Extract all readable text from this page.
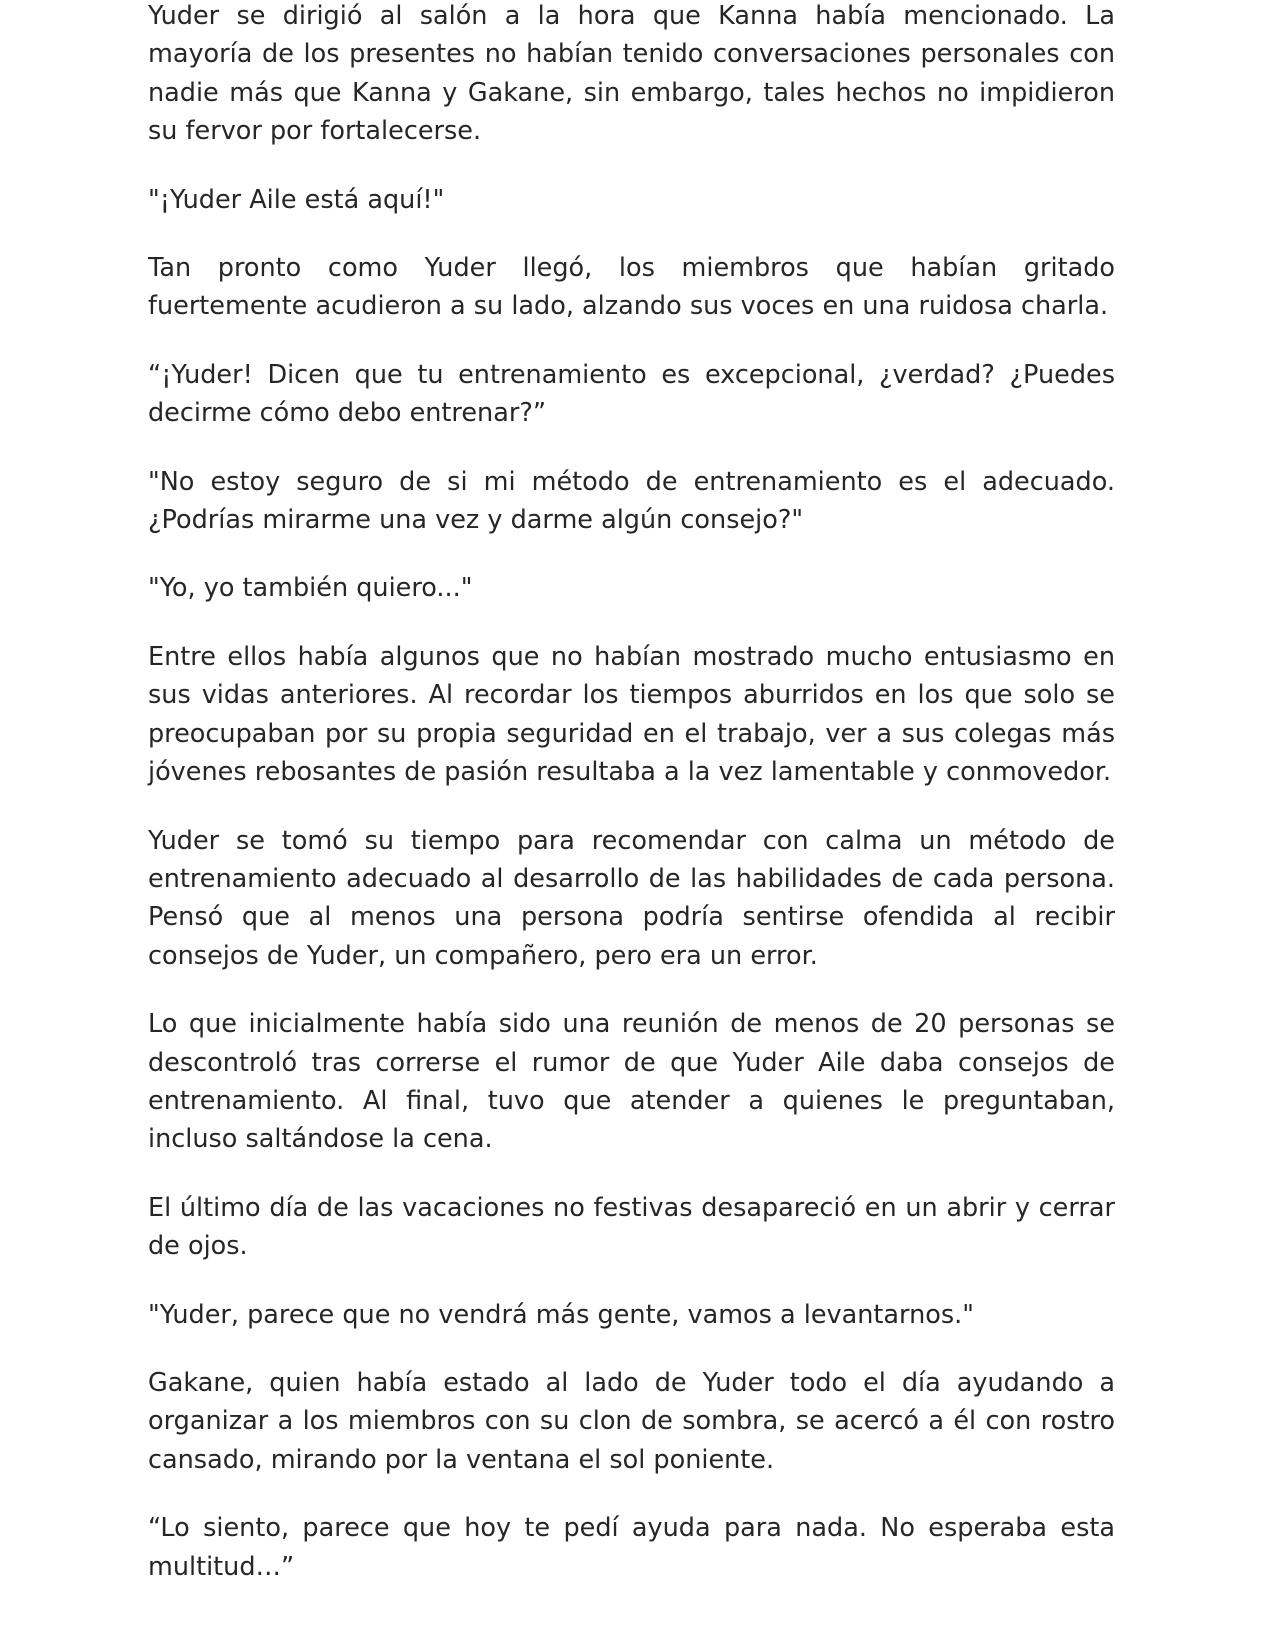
Yuder se dirigió al salón a la hora que Kanna había mencionado. La mayoría de los presentes no habían tenido conversaciones personales con nadie más que Kanna y Gakane, sin embargo, tales hechos no impidieron su fervor por fortalecerse.

"¡Yuder Aile está aquí!"

Tan pronto como Yuder llegó, los miembros que habían gritado fuertemente acudieron a su lado, alzando sus voces en una ruidosa charla.

“¡Yuder! Dicen que tu entrenamiento es excepcional, ¿verdad? ¿Puedes decirme cómo debo entrenar?”

"No estoy seguro de si mi método de entrenamiento es el adecuado. ¿Podrías mirarme una vez y darme algún consejo?"

"Yo, yo también quiero..."

Entre ellos había algunos que no habían mostrado mucho entusiasmo en sus vidas anteriores. Al recordar los tiempos aburridos en los que solo se preocupaban por su propia seguridad en el trabajo, ver a sus colegas más jóvenes rebosantes de pasión resultaba a la vez lamentable y conmovedor.

Yuder se tomó su tiempo para recomendar con calma un método de entrenamiento adecuado al desarrollo de las habilidades de cada persona. Pensó que al menos una persona podría sentirse ofendida al recibir consejos de Yuder, un compañero, pero era un error.

Lo que inicialmente había sido una reunión de menos de 20 personas se descontroló tras correrse el rumor de que Yuder Aile daba consejos de entrenamiento. Al final, tuvo que atender a quienes le preguntaban, incluso saltándose la cena.

El último día de las vacaciones no festivas desapareció en un abrir y cerrar de ojos.

"Yuder, parece que no vendrá más gente, vamos a levantarnos."

Gakane, quien había estado al lado de Yuder todo el día ayudando a organizar a los miembros con su clon de sombra, se acercó a él con rostro cansado, mirando por la ventana el sol poniente.

“Lo siento, parece que hoy te pedí ayuda para nada. No esperaba esta multitud…”
